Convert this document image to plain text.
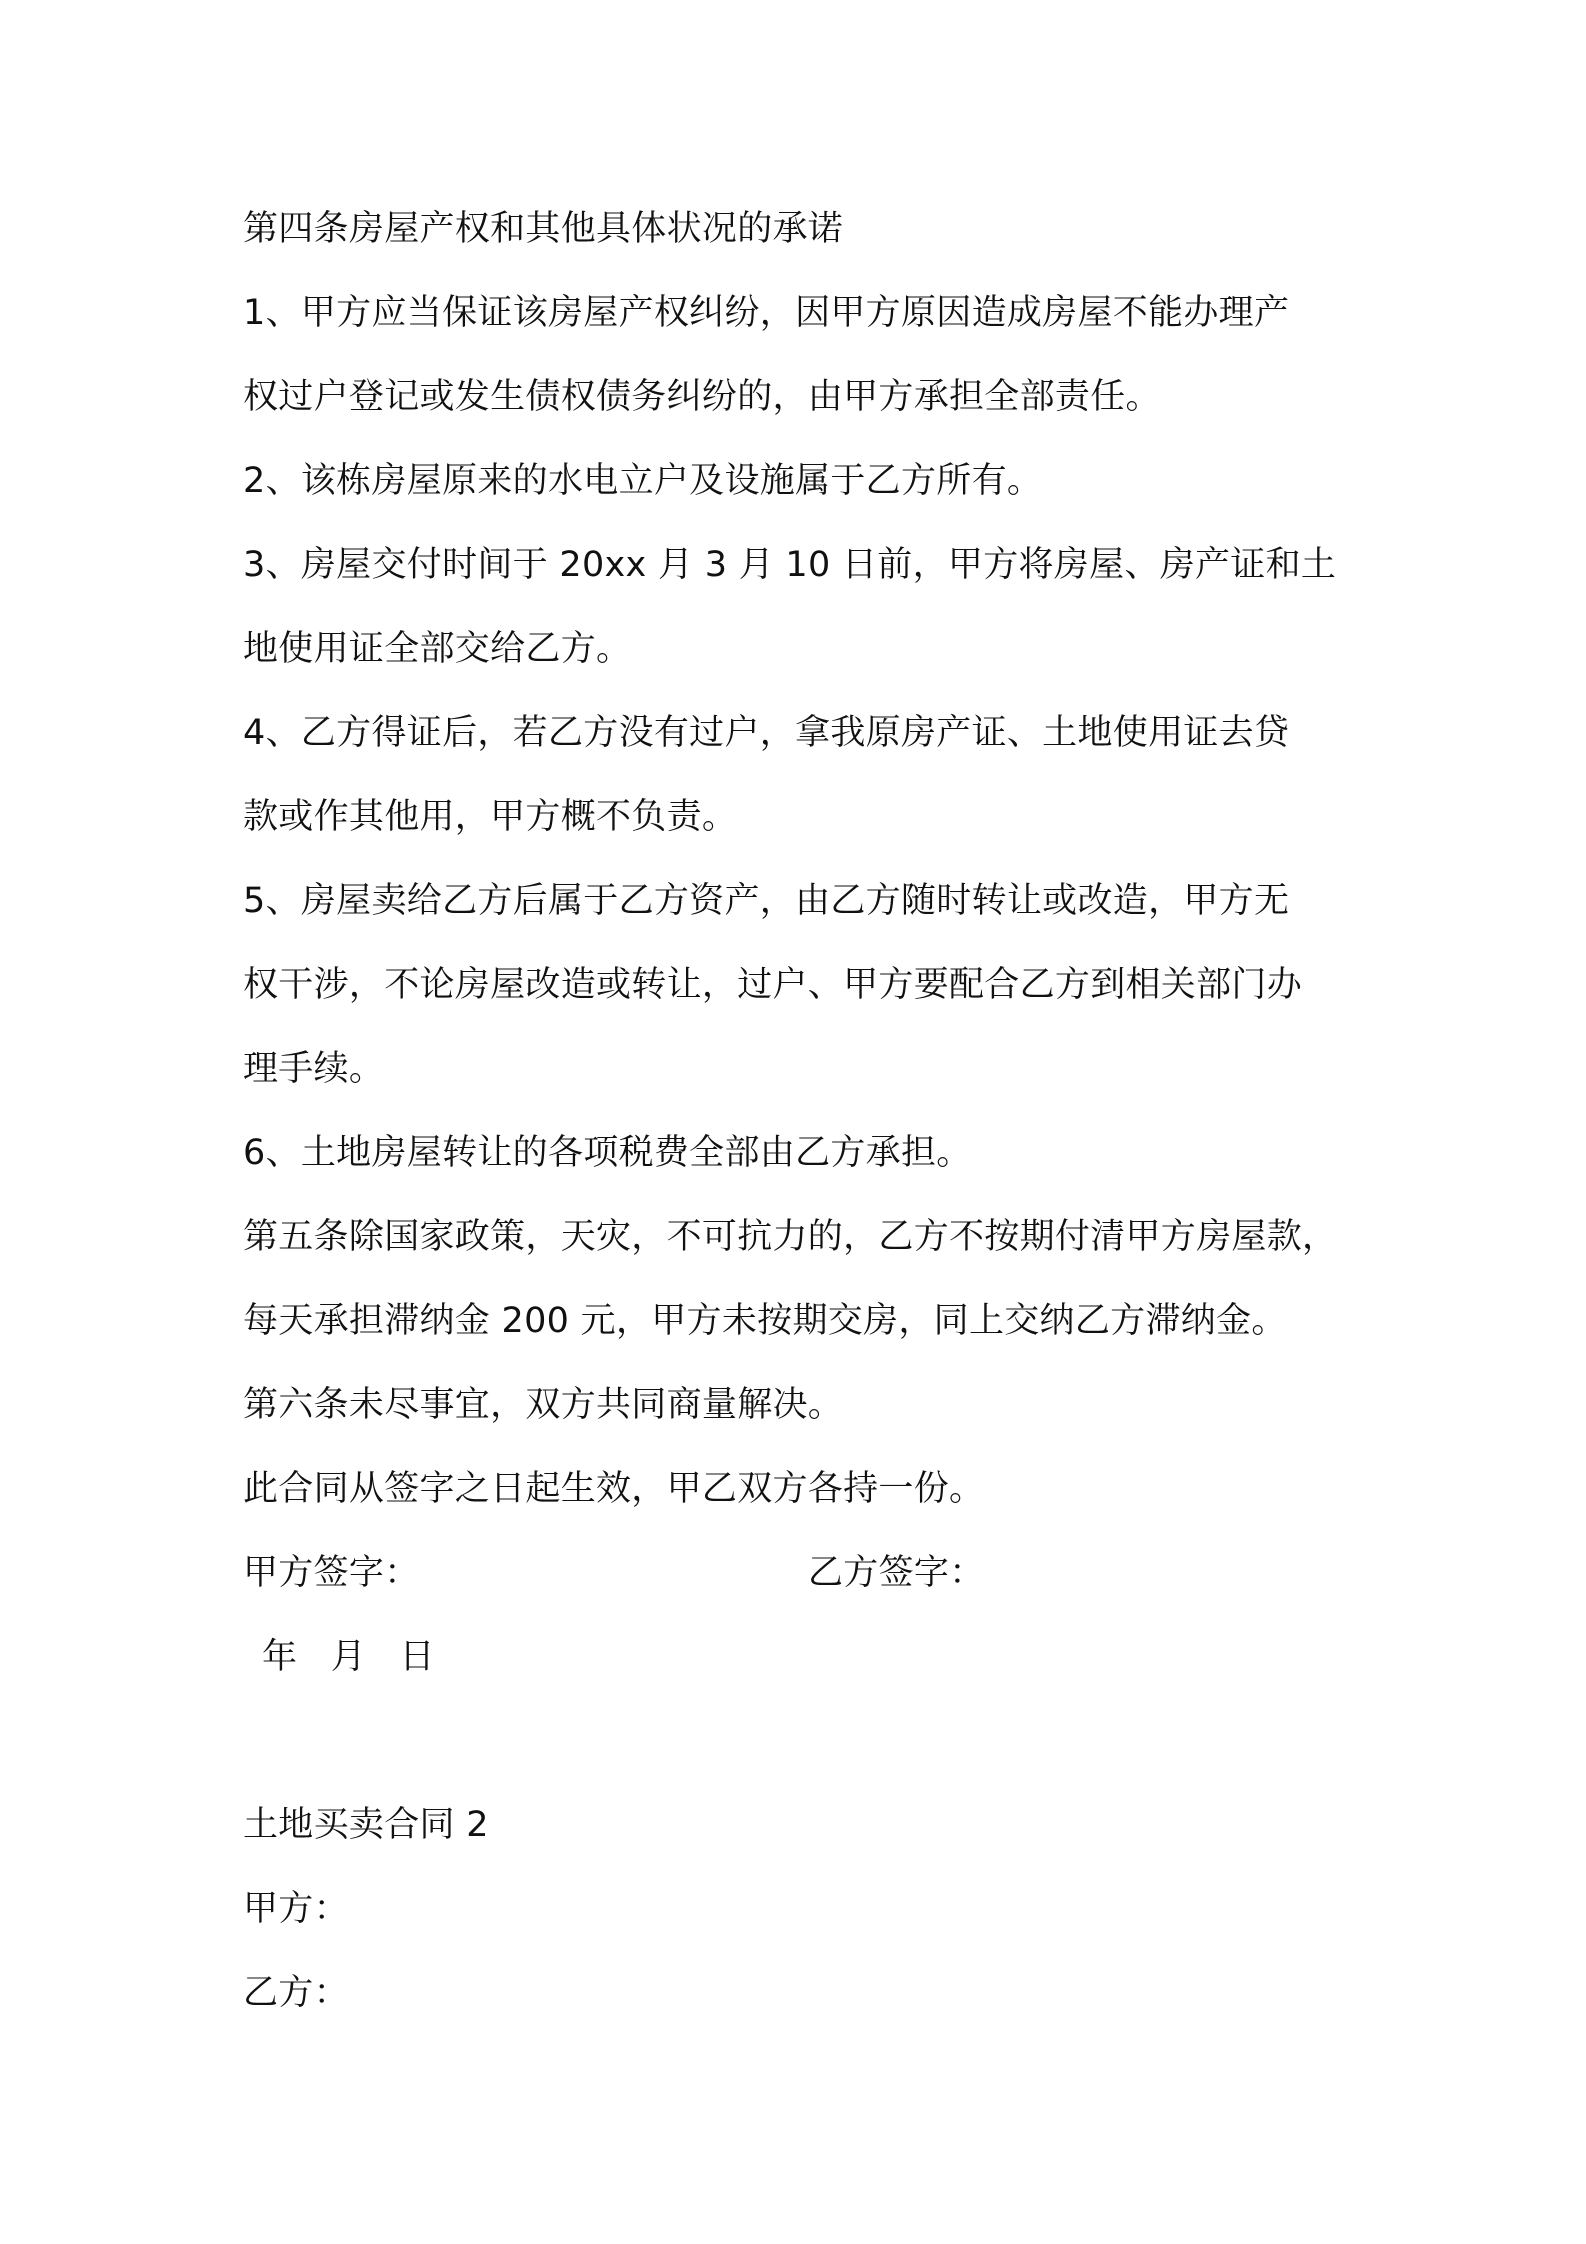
第四条房屋产权和其他具体状况的承诺
1、甲方应当保证该房屋产权纠纷，因甲方原因造成房屋不能办理产
权过户登记或发生债权债务纠纷的，由甲方承担全部责任。
2、该栋房屋原来的水电立户及设施属于乙方所有。
3、房屋交付时间于 20xx 月 3 月 10 日前，甲方将房屋、房产证和土
地使用证全部交给乙方。
4、乙方得证后，若乙方没有过户，拿我原房产证、土地使用证去贷
款或作其他用，甲方概不负责。
5、房屋卖给乙方后属于乙方资产，由乙方随时转让或改造，甲方无
权干涉，不论房屋改造或转让，过户、甲方要配合乙方到相关部门办
理手续。
6、土地房屋转让的各项税费全部由乙方承担。
第五条除国家政策，天灾，不可抗力的，乙方不按期付清甲方房屋款，
每天承担滞纳金 200 元，甲方未按期交房，同上交纳乙方滞纳金。
第六条未尽事宜，双方共同商量解决。
此合同从签字之日起生效，甲乙双方各持一份。
甲方签字：	乙方签字：
年 月 日
土地买卖合同 2
甲方：
乙方：
